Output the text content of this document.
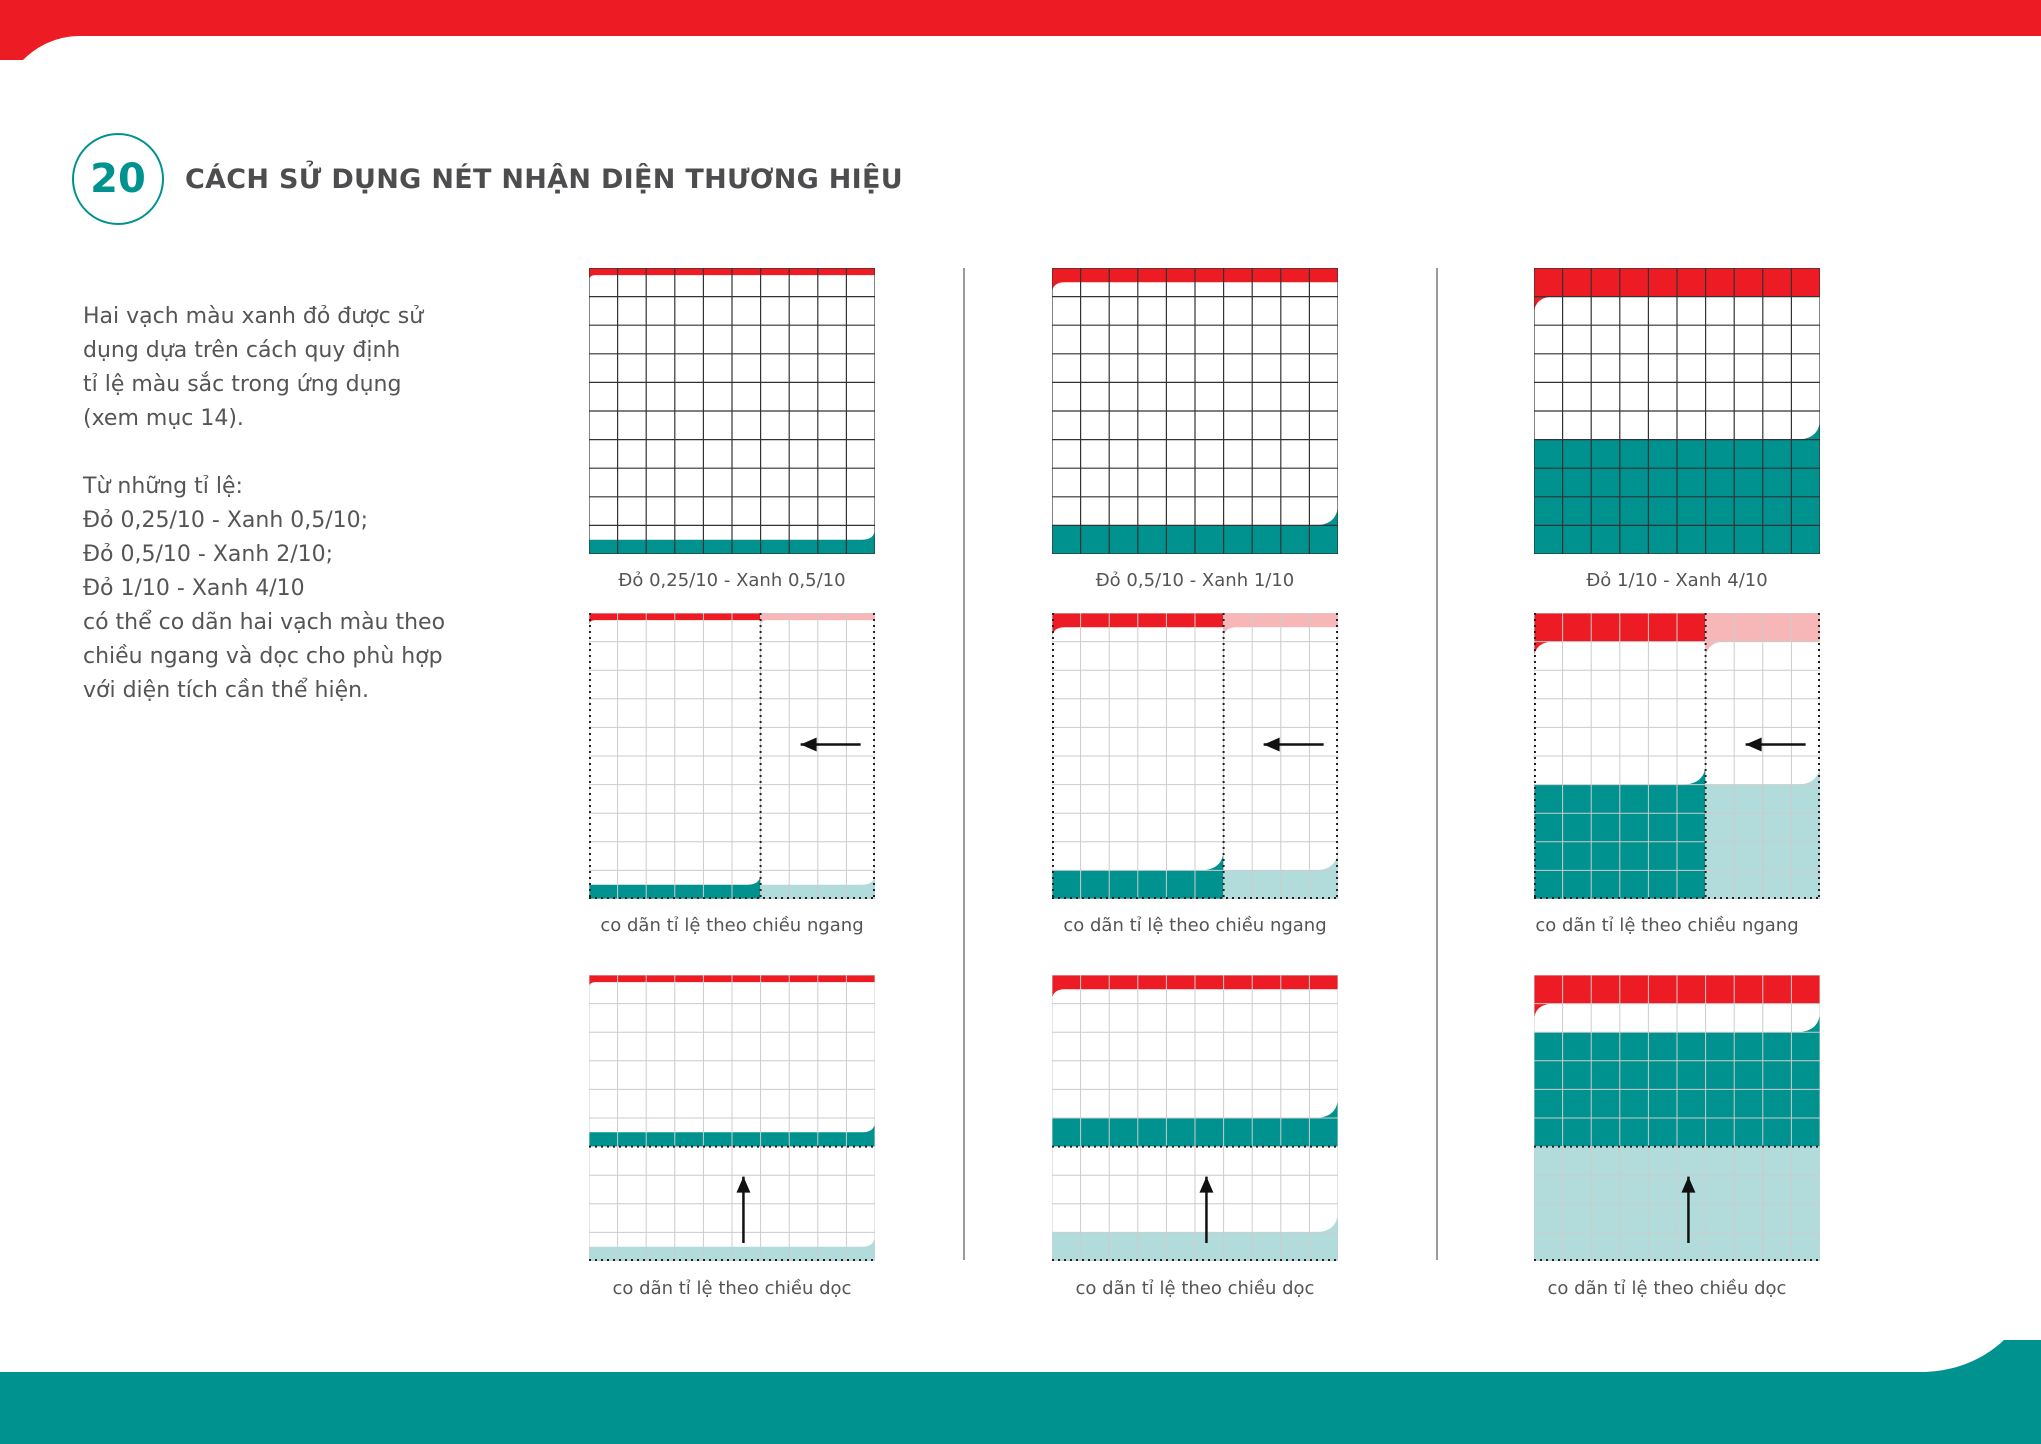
20 CÁCH SỬ DỤNG NÉT NHẬN DIỆN THƯƠNG HIỆU

Hai vạch màu xanh đỏ được sử

dụng dựa trên cách quy định

tỉ lệ màu sắc trong ứng dụng

(xem mục 14).

Từ những tỉ lệ:

Đỏ 0,25/10 - Xanh 0,5/10;

Đỏ 0,5/10 - Xanh 2/10;

Đỏ 1/10 - Xanh 4/10

có thể co dãn hai vạch màu theo

chiều ngang và dọc cho phù hợp

với diện tích cần thể hiện.

Đỏ 0,25/10 - Xanh 0,5/10	Đỏ 0,5/10 - Xanh 1/10	Đỏ 1/10 - Xanh 4/10
co dãn tỉ lệ theo chiều ngang	co dãn tỉ lệ theo chiều ngang	co dãn tỉ lệ theo chiều ngang
co dãn tỉ lệ theo chiều dọc	co dãn tỉ lệ theo chiều dọc	co dãn tỉ lệ theo chiều dọc
